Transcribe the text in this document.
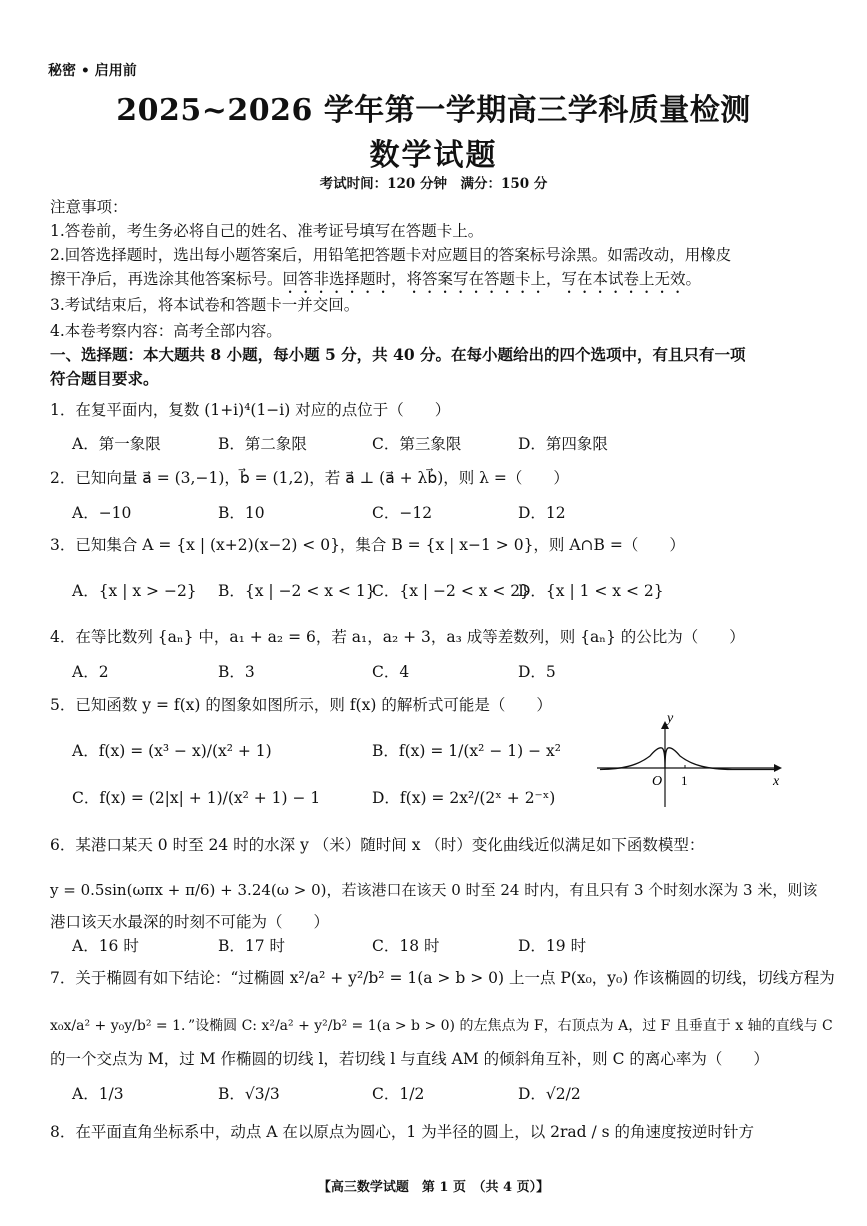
秘密 • 启用前
2025~2026 学年第一学期高三学科质量检测
数学试题
考试时间：120 分钟　满分：150 分
注意事项：
1.答卷前，考生务必将自己的姓名、准考证号填写在答题卡上。
2.回答选择题时，选出每小题答案后，用铅笔把答题卡对应题目的答案标号涂黑。如需改动，用橡皮
擦干净后，再选涂其他答案标号。回答非选择题时，将答案写在答题卡上，写在本试卷上无效。
3.考试结束后，将本试卷和答题卡一并交回。
4.本卷考察内容：高考全部内容。
一、选择题：本大题共 8 小题，每小题 5 分，共 40 分。在每小题给出的四个选项中，有且只有一项
符合题目要求。
1．在复平面内，复数 (1+i)⁴(1−i) 对应的点位于（　　）
A．第一象限	B．第二象限	C．第三象限	D．第四象限
2．已知向量 a⃗ = (3,−1)，b⃗ = (1,2)，若 a⃗ ⊥ (a⃗ + λb⃗)，则 λ =（　　）
A．−10	B．10	C．−12	D．12
3．已知集合 A = {x | (x+2)(x−2) < 0}，集合 B = {x | x−1 > 0}，则 A∩B =（　　）
A．{x | x > −2} B．{x | −2 < x < 1}
C．{x | −2 < x < 2}
D．{x | 1 < x < 2}
4．在等比数列 {aₙ} 中，a₁ + a₂ = 6，若 a₁，a₂ + 3，a₃ 成等差数列，则 {aₙ} 的公比为（　　）
A．2	B．3	C．4	D．5
5．已知函数 y = f(x) 的图象如图所示，则 f(x) 的解析式可能是（　　）
A．f(x) = (x³ − x)/(x² + 1)	B．f(x) = 1/(x² − 1) − x²
C．f(x) = (2|x| + 1)/(x² + 1) − 1	D．f(x) = 2x²/(2ˣ + 2⁻ˣ)
y
x
O 1
6．某港口某天 0 时至 24 时的水深 y （米）随时间 x （时）变化曲线近似满足如下函数模型：
y = 0.5sin(ωπx + π/6) + 3.24(ω > 0)，若该港口在该天 0 时至 24 时内，有且只有 3 个时刻水深为 3 米，则该
港口该天水最深的时刻不可能为（　　）
A．16 时	B．17 时	C．18 时	D．19 时
7．关于椭圆有如下结论：“过椭圆 x²/a² + y²/b² = 1(a > b > 0) 上一点 P(x₀，y₀) 作该椭圆的切线，切线方程为
x₀x/a² + y₀y/b² = 1．”设椭圆 C: x²/a² + y²/b² = 1(a > b > 0) 的左焦点为 F，右顶点为 A，过 F 且垂直于 x 轴的直线与 C
的一个交点为 M，过 M 作椭圆的切线 l，若切线 l 与直线 AM 的倾斜角互补，则 C 的离心率为（　　）
A．1/3	B．√3/3	C．1/2	D．√2/2
8．在平面直角坐标系中，动点 A 在以原点为圆心，1 为半径的圆上，以 2rad / s 的角速度按逆时针方
【高三数学试题　第 1 页　（共 4 页）】
